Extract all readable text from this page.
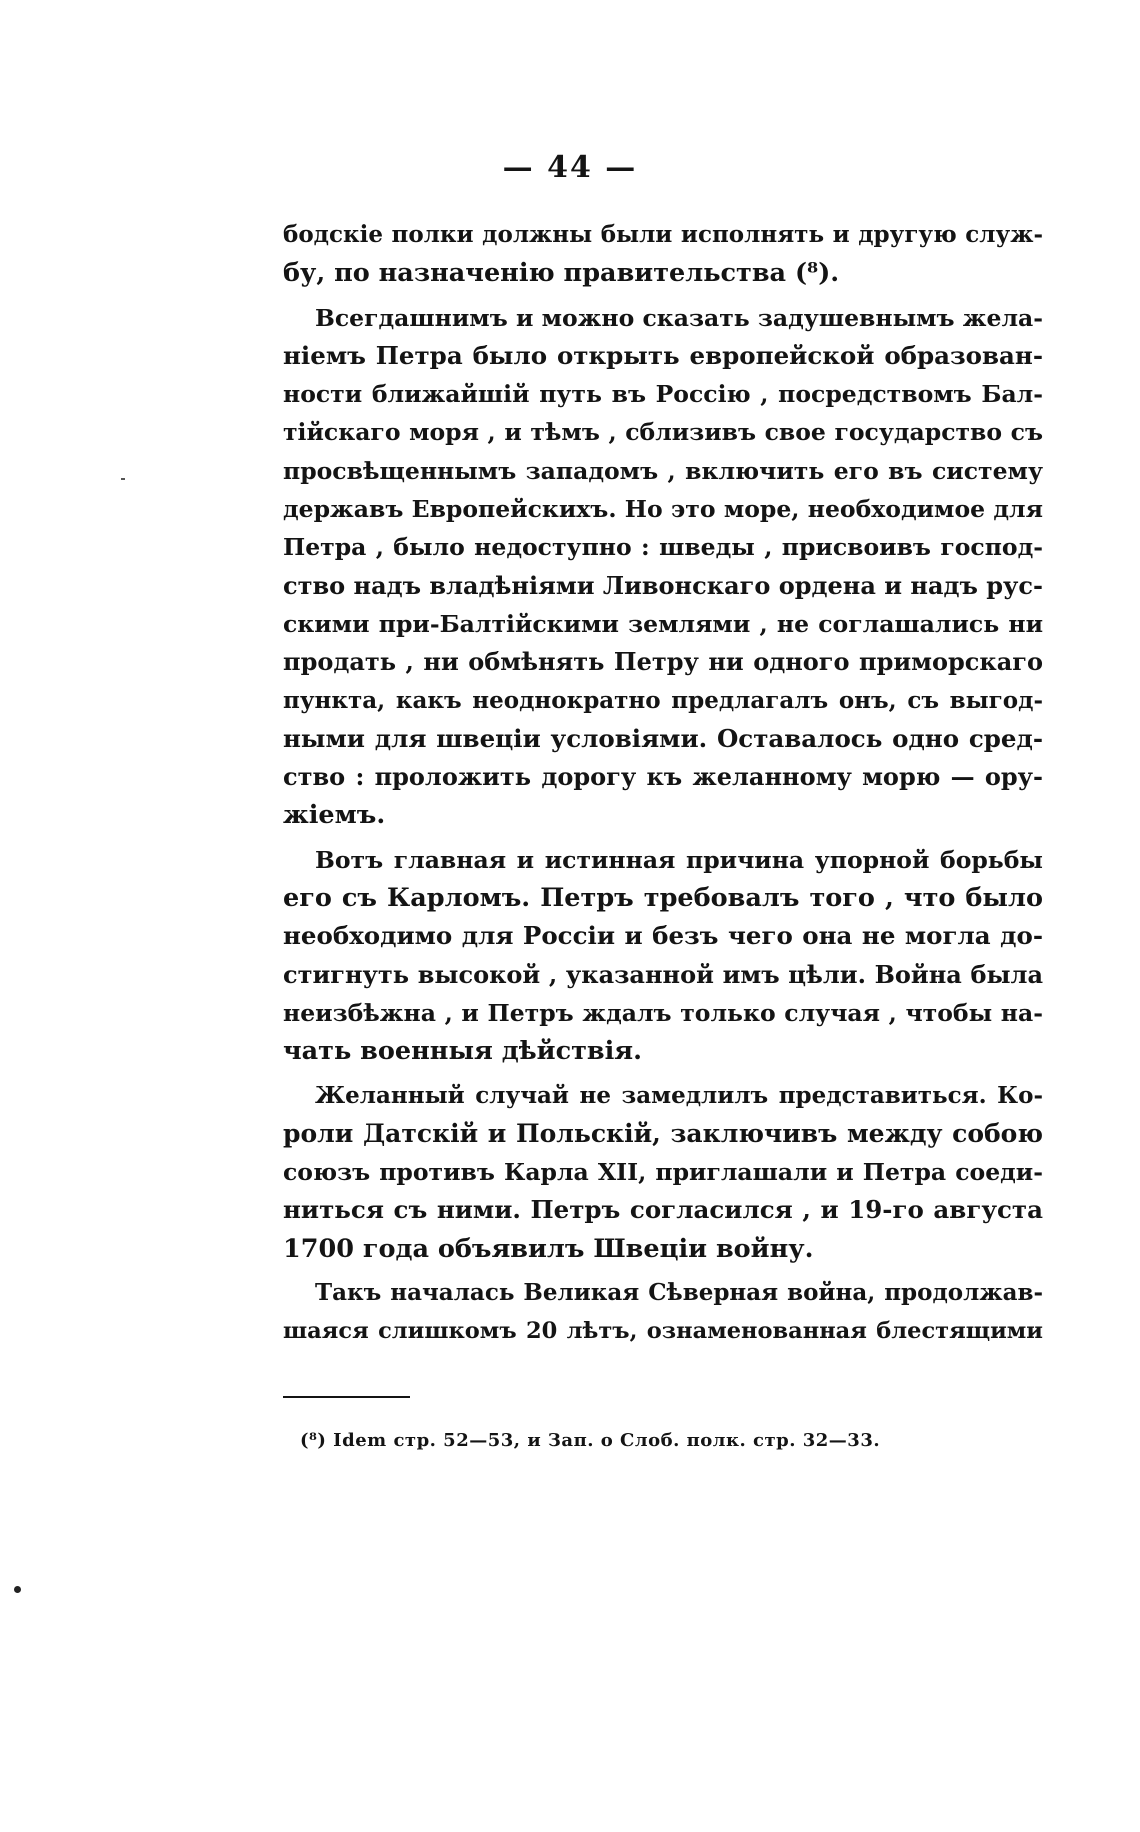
— 44 —
бодскіе полки должны были исполнять и другую служ-
бу, по назначенію правительства (⁸).
Всегдашнимъ и можно сказать задушевнымъ жела-
ніемъ Петра было открыть европейской образован-
ности ближайшій путь въ Россію , посредствомъ Бал-
тійскаго моря , и тѣмъ , сблизивъ свое государство съ
просвѣщеннымъ западомъ , включить его въ систему
державъ Европейскихъ. Но это море, необходимое для
Петра , было недоступно : шведы , присвоивъ господ-
ство надъ владѣніями Ливонскаго ордена и надъ рус-
скими при-Балтійскими землями , не соглашались ни
продать , ни обмѣнять Петру ни одного приморскаго
пункта, какъ неоднократно предлагалъ онъ, съ выгод-
ными для швеціи условіями. Оставалось одно сред-
ство : проложить дорогу къ желанному морю — ору-
жіемъ.
Вотъ главная и истинная причина упорной борьбы
его съ Карломъ. Петръ требовалъ того , что было
необходимо для Россіи и безъ чего она не могла до-
стигнуть высокой , указанной имъ цѣли. Война была
неизбѣжна , и Петръ ждалъ только случая , чтобы на-
чать военныя дѣйствія.
Желанный случай не замедлилъ представиться. Ко-
роли Датскій и Польскій, заключивъ между собою
союзъ противъ Карла XII, приглашали и Петра соеди-
ниться съ ними. Петръ согласился , и 19-го августа
1700 года объявилъ Швеціи войну.
Такъ началась Великая Сѣверная война, продолжав-
шаяся слишкомъ 20 лѣтъ, ознаменованная блестящими
(⁸) Idem стр. 52—53, и Зап. о Слоб. полк. стр. 32—33.
